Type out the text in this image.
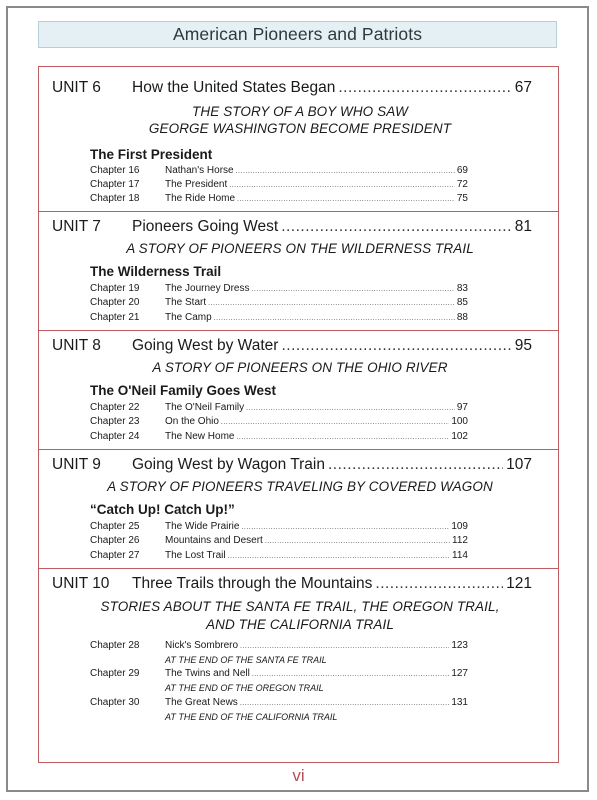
American Pioneers and Patriots
UNIT 6	How the United States Began .....	67
THE STORY OF A BOY WHO SAW
GEORGE WASHINGTON BECOME PRESIDENT
The First President
Chapter 16	Nathan's Horse .....	69
Chapter 17	The President .....	72
Chapter 18	The Ride Home .....	75
UNIT 7	Pioneers Going West .....	81
A STORY OF PIONEERS ON THE WILDERNESS TRAIL
The Wilderness Trail
Chapter 19	The Journey Dress .....	83
Chapter 20	The Start .....	85
Chapter 21	The Camp .....	88
UNIT 8	Going West by Water .....	95
A STORY OF PIONEERS ON THE OHIO RIVER
The O'Neil Family Goes West
Chapter 22	The O'Neil Family .....	97
Chapter 23	On the Ohio .....	100
Chapter 24	The New Home .....	102
UNIT 9	Going West by Wagon Train .....	107
A STORY OF PIONEERS TRAVELING BY COVERED WAGON
“Catch Up! Catch Up!”
Chapter 25	The Wide Prairie .....	109
Chapter 26	Mountains and Desert .....	112
Chapter 27	The Lost Trail .....	114
UNIT 10	Three Trails through the Mountains .....	121
STORIES ABOUT THE SANTA FE TRAIL, THE OREGON TRAIL,
AND THE CALIFORNIA TRAIL
Chapter 28	Nick's Sombrero .....	123
AT THE END OF THE SANTA FE TRAIL
Chapter 29	The Twins and Nell .....	127
AT THE END OF THE OREGON TRAIL
Chapter 30	The Great News .....	131
AT THE END OF THE CALIFORNIA TRAIL
vi
